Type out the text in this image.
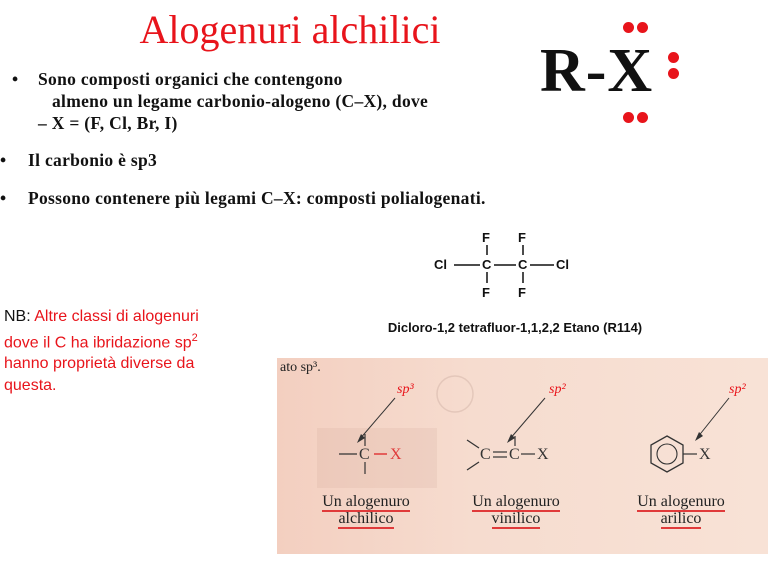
Alogenuri alchilici
R-X
• Sono composti organici che contengono
almeno un legame carbonio-alogeno (C–X), dove
– X = (F, Cl, Br, I)
• Il carbonio è sp3
• Possono contenere più legami C–X: composti polialogenati.
Cl	C C Cl
F F
F F
Dicloro-1,2 tetrafluor-1,1,2,2 Etano (R114)
NB: Altre classi di alogenuri
dove il C ha ibridazione $sp^2$
hanno proprietà diverse da
questa.
ato sp³.
C X	C C X	X
sp³	sp²	sp²
Un alogenuro
alchilico
Un alogenuro
vinilico
Un alogenuro
arilico
